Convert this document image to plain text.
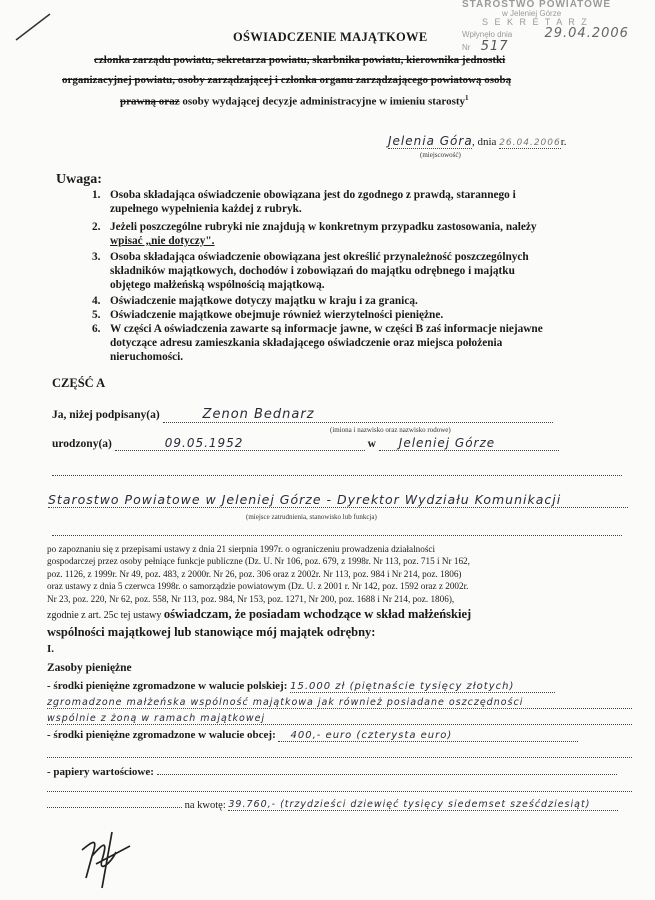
STAROSTWO POWIATOWE
w Jeleniej Górze
S E K R E T A R Z
Wpłynęło dnia 29.04.2006
Nr 517
OŚWIADCZENIE MAJĄTKOWE
członka zarządu powiatu, sekretarza powiatu, skarbnika powiatu, kierownika jednostki
organizacyjnej powiatu, osoby zarządzającej i członka organu zarządzającego powiatową osobą
prawną oraz osoby wydającej decyzje administracyjne w imieniu starosty$^1$
Jelenia Góra, dnia 26.04.2006r.
(miejscowość)
Uwaga:
1. Osoba składająca oświadczenie obowiązana jest do zgodnego z prawdą, starannego i
zupełnego wypełnienia każdej z rubryk.
2. Jeżeli poszczególne rubryki nie znajdują w konkretnym przypadku zastosowania, należy
wpisać „nie dotyczy".
3. Osoba składająca oświadczenie obowiązana jest określić przynależność poszczególnych
składników majątkowych, dochodów i zobowiązań do majątku odrębnego i majątku
objętego małżeńską wspólnością majątkową.
4. Oświadczenie majątkowe dotyczy majątku w kraju i za granicą.
5. Oświadczenie majątkowe obejmuje również wierzytelności pieniężne.
6. W części A oświadczenia zawarte są informacje jawne, w części B zaś informacje niejawne
dotyczące adresu zamieszkania składającego oświadczenie oraz miejsca położenia
nieruchomości.
CZĘŚĆ A
Ja, niżej podpisany(a)	Zenon Bednarz
(imiona i nazwisko oraz nazwisko rodowe)
urodzony(a)	09.05.1952	w Jeleniej Górze
Starostwo Powiatowe w Jeleniej Górze - Dyrektor Wydziału Komunikacji
(miejsce zatrudnienia, stanowisko lub funkcja)
po zapoznaniu się z przepisami ustawy z dnia 21 sierpnia 1997r. o ograniczeniu prowadzenia działalności
gospodarczej przez osoby pełniące funkcje publiczne (Dz. U. Nr 106, poz. 679, z 1998r. Nr 113, poz. 715 i Nr 162,
poz. 1126, z 1999r. Nr 49, poz. 483, z 2000r. Nr 26, poz. 306 oraz z 2002r. Nr 113, poz. 984 i Nr 214, poz. 1806)
oraz ustawy z dnia 5 czerwca 1998r. o samorządzie powiatowym (Dz. U. z 2001 r. Nr 142, poz. 1592 oraz z 2002r.
Nr 23, poz. 220, Nr 62, poz. 558, Nr 113, poz. 984, Nr 153, poz. 1271, Nr 200, poz. 1688 i Nr 214, poz. 1806),
zgodnie z art. 25c tej ustawy oświadczam, że posiadam wchodzące w skład małżeńskiej
wspólności majątkowej lub stanowiące mój majątek odrębny:
I.
Zasoby pieniężne
- środki pieniężne zgromadzone w walucie polskiej: 15.000 zł (piętnaście tysięcy złotych)
zgromadzone małżeńska wspólność majątkowa jak również posiadane oszczędności
wspólnie z żoną w ramach majątkowej
- środki pieniężne zgromadzone w walucie obcej: 400,- euro (czterysta euro)
- papiery wartościowe:
na kwotę: 39.760,- (trzydzieści dziewięć tysięcy siedemset sześćdziesiąt)
